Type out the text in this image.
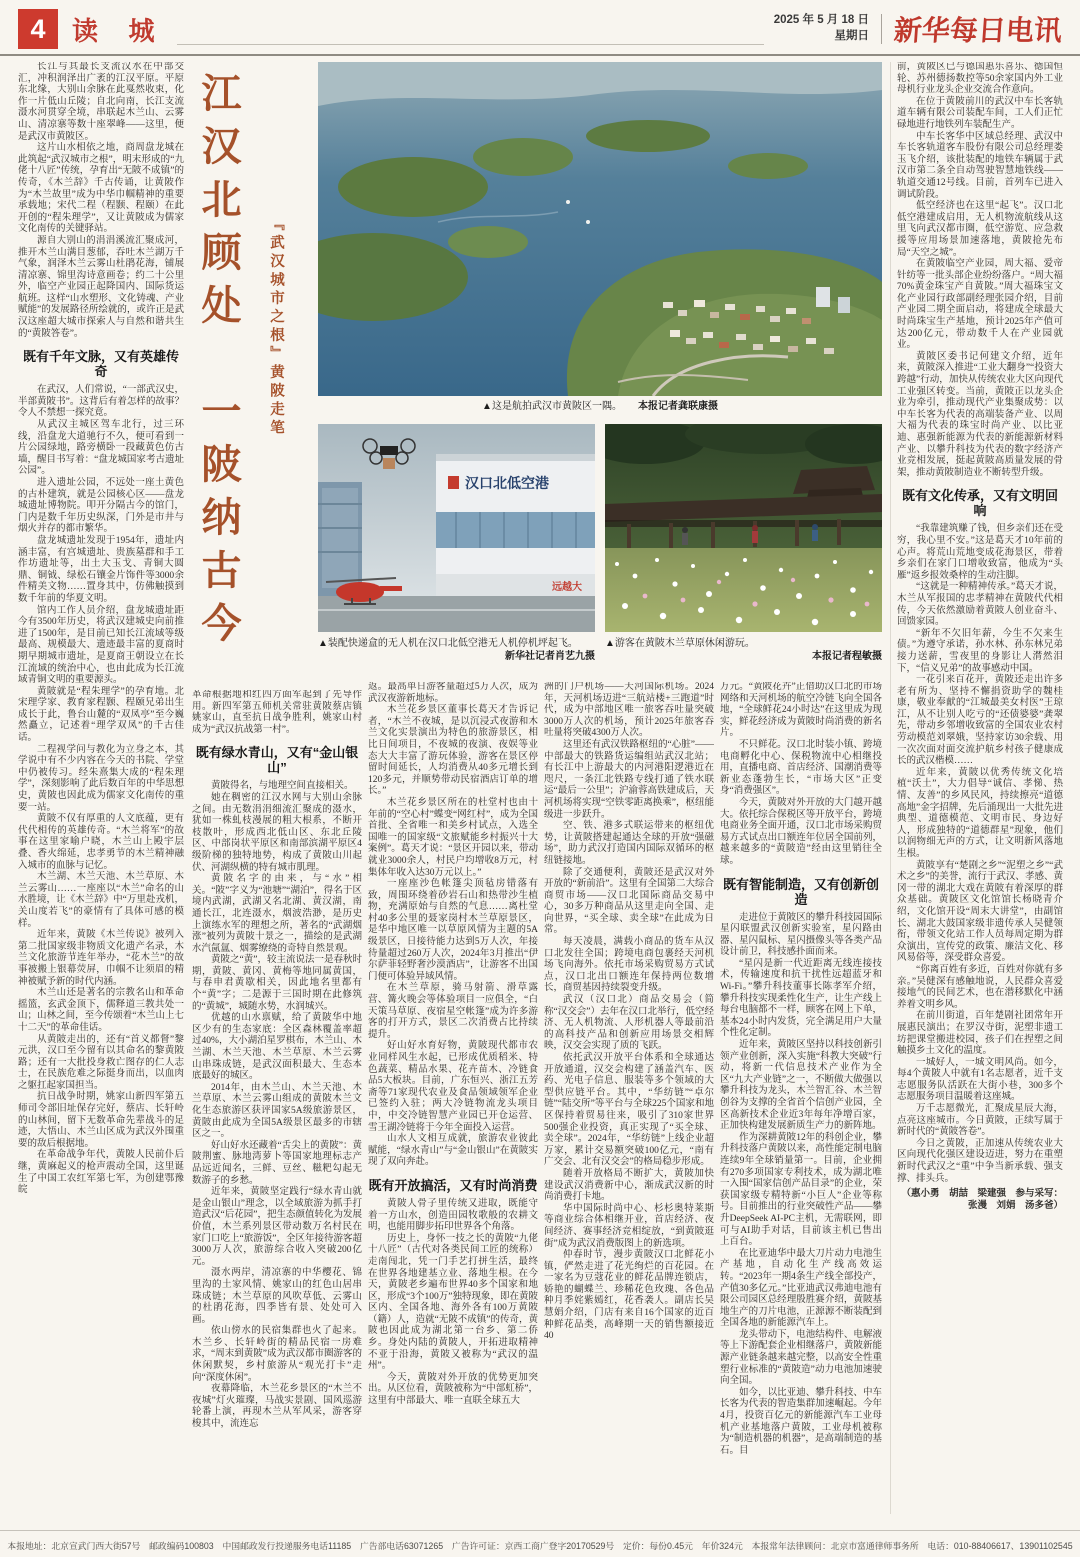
4	读 城	2025 年 5 月 18 日
星期日 新华每日电讯
江汉北顾处　一陂纳古今 『武汉城市之根』黄陂走笔	▲这是航拍武汉市黄陂区一隅。 本报记者龚联康摄
汉口北低空港
远越大
▲装配快递盒的无人机在汉口北低空港无人机停机坪起飞。
新华社记者肖艺九摄
▲游客在黄陂木兰草原休闲游玩。
本报记者程敏摄

长江与其最长支流汉水在中部交汇，冲积润泽出广袤的江汉平原。平原东北缘，大别山余脉在此戛然收束，化作一片低山丘陵；自北向南，长江支流滠水河贯穿全境，串联起木兰山、云雾山、清凉寨等数十座翠峰——这里，便是武汉市黄陂区。

这片山水相依之地，商周盘龙城在此筑起“武汉城市之根”，明末形成的“九佬十八匠”传统，孕育出“无陂不成镇”的传奇，《木兰辞》千古传诵，让黄陂作为“木兰故里”成为中华巾帼精神的重要承载地；宋代二程（程颢、程颐）在此开创的“程朱理学”，又让黄陂成为儒家文化南传的关键驿站。

源自大别山的涓涓溪流汇聚成河，推开木兰山满目葱郁，吞吐木兰湖万千气象，润泽木兰云雾山杜鹃花海，铺展清凉寨、锦里沟诗意画卷；约二十公里外，临空产业园正起降国内、国际货运航班。这样“山水塑形、文化铸魂、产业赋能”的发展路径所绘就的，或许正是武汉这座超大城市探索人与自然和谐共生的“黄陂答卷”。

既有千年文脉，又有英雄传奇

在武汉，人们常说，“一部武汉史，半部黄陂书”。这背后有着怎样的故事？令人不禁想一探究竟。

从武汉主城区驾车北行，过三环线，沿盘龙大道驰行不久，便可看到一片公园绿地，路旁横卧一段藏黄色仿古墙，醒目书写着：“盘龙城国家考古遗址公园”。

进入遗址公园，不远处一座土黄色的古朴建筑，就是公园核心区——盘龙城遗址博物院。叩开分隔古今的馆门，门内是数千年历史纵深，门外是市井与烟火并存的都市繁华。

盘龙城遗址发现于1954年，遗址内涵丰富，有宫城遗址、贵族墓群和手工作坊遗址等，出土大玉戈、青铜大圆鼎、铜钺、绿松石镶金片饰件等3000余件精美文物……置身其中，仿佛触摸到数千年前的华夏文明。

馆内工作人员介绍，盘龙城遗址距今有3500年历史，将武汉建城史向前推进了1500年，是目前已知长江流域等级最高、规模最大、遗迹最丰富的夏商时期早期城市遗址，是夏商王朝设立在长江流域的统治中心，也由此成为长江流域青铜文明的重要源头。

黄陂就是“程朱理学”的孕育地。北宋理学家、教育家程颢、程颐兄弟出生成长于此，鲁台山麓的“双凤亭”至今巍然矗立，记述着“理学双凤”的千古佳话。

二程视学问与教化为立身之本，其学说中有不少内容在今天的书院、学堂中仍被传习。经朱熹集大成的“程朱理学”，深刻影响了此后数百年的中华思想史，黄陂也因此成为儒家文化南传的重要一站。

黄陂不仅有厚重的人文底蕴，更有代代相传的英雄传奇。“木兰将军”的故事在这里家喻户晓，木兰山上殿宇层叠、香火绵延，忠孝勇节的木兰精神融入城市的血脉与记忆。

木兰湖、木兰天池、木兰草原、木兰云雾山……一座座以“木兰”命名的山水胜境，让《木兰辞》中“万里赴戎机，关山度若飞”的豪情有了具体可感的模样。

近年来，黄陂《木兰传说》被列入第二批国家级非物质文化遗产名录，木兰文化旅游节连年举办，“花木兰”的故事被搬上银幕荧屏，巾帼不让须眉的精神被赋予新的时代内涵。

木兰山还是著名的宗教名山和革命摇篮，玄武金顶下，儒释道三教共处一山；山林之间，至今传颂着“木兰山上七十二天”的革命佳话。

从黄陂走出的，还有“首义都督”黎元洪，汉口至今留有以其命名的黎黄陂路；还有一大批投身救亡图存的仁人志士，在民族危难之际挺身而出，以血肉之躯扛起家国担当。

抗日战争时期，姚家山新四军第五师司令部旧址保存完好，蔡店、长轩岭的山林间，留下无数革命先辈战斗的足迹，大悟山、木兰山区成为武汉外围重要的敌后根据地。

在革命战争年代，黄陂人民前仆后继，黄麻起义的枪声震动全国，这里诞生了中国工农红军第七军，为创建鄂豫皖

革命根据地和红四方面军起到了先导作用。新四军第五师机关常驻黄陂蔡店镇姚家山，直至抗日战争胜利，姚家山村成为“武汉抗战第一村”。

既有绿水青山，又有“金山银山”

黄陂得名，与地理空间直接相关。

她在稠密的江汉水网与大别山余脉之间。由无数涓涓细流汇聚成的滠水，犹如一株虬枝漫展的粗大根系，不断开枝散叶，形成西北低山区、东北丘陵区、中部岗状平原区和南部滨湖平原区4级阶梯的独特地势，构成了黄陂山川起伏、河湖纵横的特有城市肌理。

黄陂名字的由来，与“水”相关。“陂”字义为“池塘”“湖泊”，得名于区境内武湖，武湖又名北湖、黄汉湖，南通长江，北连滠水，烟波浩渺，是历史上演练水军的理想之所，著名的“武湖烟涨”被列为黄陂十景之一，描绘的是武湖水汽氤氲、烟雾缭绕的奇特自然景观。

黄陂之“黄”，较主流说法一是春秋时期，黄陂、黄冈、黄梅等地同属黄国，与春申君黄歇相关，因此地名里都有个“黄”字；二是源于三国时期在此修筑的“黄城”，城随水势，水润城兴。

优越的山水禀赋，给了黄陂华中地区少有的生态家底：全区森林覆盖率超过40%，大小湖泊星罗棋布，木兰山、木兰湖、木兰天池、木兰草原、木兰云雾山串珠成链，是武汉面积最大、生态本底最好的城区。

2014年，由木兰山、木兰天池、木兰草原、木兰云雾山组成的黄陂木兰文化生态旅游区获评国家5A级旅游景区，黄陂由此成为全国5A级景区最多的市辖区之一。

好山好水还藏着“舌尖上的黄陂”：黄陂荆蜜、脉地湾萝卜等国家地理标志产品远近闻名，三鲜、豆丝、糍粑勾起无数游子的乡愁。

近年来，黄陂坚定践行“绿水青山就是金山银山”理念，以全域旅游为抓手打造武汉“后花园”，把生态颜值转化为发展价值，木兰系列景区带动数万名村民在家门口吃上“旅游饭”，全区年接待游客超3000万人次，旅游综合收入突破200亿元。

滠水两岸，清凉寨的中华樱花、锦里沟的土家风情、姚家山的红色山居串珠成链；木兰草原的风吹草低、云雾山的杜鹃花海，四季皆有景、处处可入画。

依山傍水的民宿集群也火了起来。木兰乡、长轩岭街的精品民宿一房难求，“周末到黄陂”成为武汉都市圈游客的休闲默契，乡村旅游从“观光打卡”走向“深度休闲”。

夜幕降临，木兰花乡景区的“木兰不夜城”灯火璀璨，马战实景剧、国风巡游轮番上演，再现木兰从军风采，游客穿梭其中，流连忘

返。最高单日游客量超过5万人次，成为武汉夜游新地标。

木兰花乡景区董事长葛天才告诉记者，“木兰不夜城，是以沉浸式夜游和木兰文化实景演出为特色的旅游景区，相比日间项目，不夜城的夜演、夜娱等业态大大丰富了游玩体验，游客在景区停留时间延长，人均消费从40多元增长到120多元，并顺势带动民宿酒店订单的增长。”

木兰花乡景区所在的杜堂村也由十年前的“空心村”蝶变“网红村”，成为全国首批、全省唯一和美乡村试点，入选全国唯一的国家级“文旅赋能乡村振兴十大案例”。葛天才说：“景区开园以来，带动就业3000余人，村民户均增收8万元，村集体年收入达30万元以上。”

一座座沙色帐篷尖顶毡房错落有致，周围环绕着砂岩石山和热带沙生植物，充满原始与自然的气息……离杜堂村40多公里的聂家岗村木兰草原景区，是华中地区唯一以草原风情为主题的5A级景区，日接待能力达到5万人次，年接待量超过260万人次，2024年3月推出“伊尔萨菲轻野奢沙漠酒店”，让游客不出国门便可体验异域风情。

在木兰草原，骑马射箭、滑草露营、篝火晚会等体验项目一应俱全，“白天策马草原、夜宿星空帐篷”成为许多游客的打开方式，景区二次消费占比持续提升。

好山好水育好物，黄陂现代都市农业同样风生水起，已形成优质稻米、特色蔬菜、精品水果、花卉苗木、冷链食品5大板块。目前，广东恒兴、浙江五芳斋等71家现代农业及食品领域领军企业已签约入驻；两大冷链物流龙头项目中，中交冷链智慧产业园已开仓运营、雪王湖冷链将于今年全面投入运营。

山水人文相互成就，旅游农业彼此赋能，“绿水青山”与“金山银山”在黄陂实现了双向奔赴。

既有开放搞活，又有时尚消费

黄陂人骨子里传统又进取，既能守着一方山水，创造田园牧歌般的农耕文明，也能用脚步拓印世界各个角落。

历史上，身怀一技之长的黄陂“九佬十八匠”（古代对各类民间工匠的统称）走南闯北，凭一门手艺打拼生活，最终在世界各地建基立业、落地生根。在今天，黄陂老乡遍布世界40多个国家和地区，形成“3个100万”独特现象，即在黄陂区内、全国各地、海外各有100万黄陂（籍）人，造就“无陂不成镇”的传奇，黄陂也因此成为湖北第一台乡、第二侨乡。身处内陆的黄陂人，开拓进取精神不亚于沿海，黄陂又被称为“武汉的温州”。

今天，黄陂对外开放的优势更加突出。从区位看，黄陂被称为“中部虹桥”，这里有中部最大、唯一直联全球五大

洲的门户机场——天河国际机场。2024年，天河机场迈进“三航站楼+三跑道”时代，成为中部地区唯一旅客吞吐量突破3000万人次的机场，预计2025年旅客吞吐量将突破4300万人次。

这里还有武汉铁路枢纽的“心脏”——中部最大的铁路货运编组站武汉北站；有长江中上游最大的内河港阳逻港近在咫尺，一条江北铁路专线打通了铁水联运“最后一公里”；沪渝蓉高铁建成后，天河机场将实现“空铁零距离换乘”，枢纽能级进一步跃升。

空、铁、港多式联运带来的枢纽优势，让黄陂搭建起通达全球的开放“强磁场”，助力武汉打造国内国际双循环的枢纽链接地。

除了交通便利，黄陂还是武汉对外开放的“新前沿”。这里有全国第二大综合商贸市场——汉口北国际商品交易中心，30多万种商品从这里走向全国、走向世界，“买全球、卖全球”在此成为日常。

每天凌晨，满载小商品的货车从汉口北发往全国；跨境电商包裹经天河机场飞向海外。依托市场采购贸易方式试点，汉口北出口额连年保持两位数增长，商贸基因持续裂变升级。

武汉（汉口北）商品交易会（简称“汉交会”）去年在汉口北举行，低空经济、无人机物流、人形机器人等最前沿的高科技产品和创新应用场景交相辉映，汉交会实现了质的飞跃。

依托武汉开放平台体系和全球通达开放通道，汉交会构建了涵盖汽车、医药、光电子信息、服装等多个领域的大型供应链平台。其中，“华纺链”“卓尔链”“陆交所”等平台与全球225个国家和地区保持着贸易往来，吸引了310家世界500强企业投资，真正实现了“买全球、卖全球”。2024年，“华纺链”上线企业超万家，累计交易额突破100亿元，“南有广交会、北有汉交会”的格局稳步形成。

随着开放格局不断扩大，黄陂加快建设武汉消费新中心，渐成武汉新的时尚消费打卡地。

华中国际时尚中心、杉杉奥特莱斯等商业综合体相继开业，首店经济、夜间经济、赛事经济竞相绽放，“到黄陂逛街”成为武汉消费版图上的新选项。

仲春时节，漫步黄陂汉口北鲜花小镇，俨然走进了花光绚烂的百花园。在一家名为豆蔻花业的鲜花品牌连锁店，娇艳的蝴蝶兰、珍稀花色玫瑰、各色品种月季姹紫嫣红，花香袭人。副店长吴慧娟介绍，门店有来自16个国家的近百种鲜花品类，高峰期一天的销售额接近40

万元。“黄陂花卉”正借助汉口北的市场网络和天河机场的航空冷链飞向全国各地，“全球鲜花24小时达”在这里成为现实，鲜花经济成为黄陂时尚消费的新名片。

不只鲜花。汉口北时装小镇、跨境电商孵化中心、保税物流中心相继投用，直播电商、首店经济、国潮消费等新业态蓬勃生长，“市场大区”正变身“消费强区”。

今天，黄陂对外开放的大门越开越大。依托综合保税区等开放平台，跨境电商业务全面开通，汉口北市场采购贸易方式试点出口额连年位居全国前列，越来越多的“黄陂造”经由这里销往全球。

既有智能制造，又有创新创造

走进位于黄陂区的攀升科技园国际星闪联盟武汉创新实验室，星闪路由器、星闪鼠标、星闪摄像头等各类产品设计前卫，科技感扑面而来。

“星闪是新一代近距离无线连接技术，传输速度和抗干扰性远超蓝牙和Wi-Fi。”攀升科技董事长陈孝军介绍，攀升科技实现柔性化生产，让生产线上每台电脑都不一样，顾客在网上下单，基本24小时内发货，完全满足用户大量个性化定制。

近年来，黄陂区坚持以科技创新引领产业创新，深入实施“科教大突破”行动，将新一代信息技术产业作为全区“九大产业链”之一，不断做大做强以攀升科技为龙头，木兰智汇谷、木兰智创谷为支撑的全省首个信创产业园，全区高新技术企业近3年每年净增百家，正加快构建发展新质生产力的新阵地。

作为深耕黄陂12年的科创企业，攀升科技落户黄陂以来，高性能定制电脑连续9年全球销量第一。目前，企业拥有270多项国家专利技术，成为湖北唯一入围“国家信创产品目录”的企业，荣获国家级专精特新“小巨人”企业等称号。目前推出的行业突破性产品——攀升DeepSeek AI-PC主机，无需联网，即可与AI助手对话，目前该主机已售出上百台。

在比亚迪华中最大刀片动力电池生产基地，自动化生产线高效运转。“2023年一期4条生产线全部投产，产值30多亿元。”比亚迪武汉弗迪电池有限公司园区总经理殷胜赛介绍，黄陂基地生产的刀片电池，正源源不断装配到全国各地的新能源汽车上。

龙头带动下，电池结构件、电解液等上下游配套企业相继落户，黄陂新能源产业链条越来越完整，以高安全性重塑行业标准的“黄陂造”动力电池加速驶向全国。

如今，以比亚迪、攀升科技、中车长客为代表的智造集群加速崛起。今年4月，投资百亿元的新能源汽车工业母机产业基地落户黄陂，工业母机被称为“制造机器的机器”，是高端制造的基石。目

前，黄陂区已与德国惠乐喜乐、德国恒轮、苏州德扬数控等50余家国内外工业母机行业龙头企业交流合作意向。

在位于黄陂前川的武汉中车长客轨道车辆有限公司装配车间，工人们正忙碌地进行地铁列车装配生产。

中车长客华中区域总经理、武汉中车长客轨道客车股份有限公司总经理娄玉飞介绍，该批装配的地铁车辆属于武汉市第二条全自动驾驶智慧地铁线——轨道交通12号线。目前，首列车已进入调试阶段。

低空经济也在这里“起飞”。汉口北低空港建成启用，无人机物流航线从这里飞向武汉都市圈，低空游览、应急救援等应用场景加速落地，黄陂抢先布局“天空之城”。

在黄陂临空产业园，周大福、爱帝针纺等一批头部企业纷纷落户。“周大福70%黄金珠宝产自黄陂。”周大福珠宝文化产业园行政部副经理张园介绍，目前产业园二期全面启动，将建成全球最大时尚珠宝生产基地，预计2025年产值可达200亿元，带动数千人在产业园就业。

黄陂区委书记何建文介绍，近年来，黄陂深入推进“工业大翻身”“投资大跨越”行动，加快从传统农业大区向现代工业强区转变。当前，黄陂正以龙头企业为牵引，推动现代产业集聚成势：以中车长客为代表的高端装备产业、以周大福为代表的珠宝时尚产业、以比亚迪、惠强新能源为代表的新能源新材料产业、以攀升科技为代表的数字经济产业竞相发展，挺起黄陂高质量发展的骨架，推动黄陂制造业不断转型升级。

既有文化传承，又有文明回响

“我靠建筑赚了钱，但乡亲们还在受穷，我心里不安。”这是葛天才10年前的心声。将荒山荒地变成花海景区，带着乡亲们在家门口增收致富，他成为“头雁”返乡报效桑梓的生动注脚。

“这就是一种精神传承。”葛天才说，木兰从军报国的忠孝精神在黄陂代代相传，今天依然激励着黄陂人创业奋斗、回馈家园。

“新年不欠旧年薪，今生不欠来生债。”为遵守承诺，孙水林、孙东林兄弟接力送薪，雪夜里的身影让人潸然泪下，“信义兄弟”的故事感动中国。

一花引来百花开，黄陂还走出许多老有所为、坚持不懈捐资助学的魏桂康，敬业奉献的“江城最美女村医”王琼江，从不让别人吃亏的“还债婆婆”龚翠先，带动乡邻增收致富的全国农业农村劳动模范刘翠娥，坚持家访30余载、用一次次面对面交流护航乡村孩子健康成长的武汉楷模……

近年来，黄陂以优秀传统文化培植“沃土”，大力倡导“诚信、孝悌、热情、友善”的乡风民风，持续擦亮“道德高地”金字招牌，先后涌现出一大批先进典型、道德模范、文明市民、身边好人，形成独特的“道德群星”现象，他们以润物细无声的方式，让文明新风落地生根。

黄陂享有“楚剧之乡”“泥塑之乡”“武术之乡”的美誉，流行于武汉、孝感、黄冈一带的湖北大戏在黄陂有着深厚的群众基础。黄陂区文化馆馆长杨晓青介绍，文化馆开设“周末大讲堂”，由副馆长、湖北大鼓国家级非遗传承人吴健领衔，带领文化站工作人员每周定期为群众演出，宣传党的政策、廉洁文化、移风易俗等，深受群众喜爱。

“你离百姓有多近，百姓对你就有多亲。”吴健深有感触地说，人民群众喜爱接地气的民间艺术，也在潜移默化中涵养着文明乡风。

在前川街道，百年楚剧社团常年开展惠民演出；在罗汉寺街，泥塑非遗工坊把课堂搬进校园，孩子们在捏塑之间触摸乡土文化的温度。

一城好人，一城文明风尚。如今，每4个黄陂人中就有1名志愿者，近千支志愿服务队活跃在大街小巷，300多个志愿服务项目温暖着这座城。

万千志愿微光，汇聚成星辰大海，点亮这座城市。今日黄陂，正续写属于新时代的“黄陂答卷”。

今日之黄陂，正加速从传统农业大区向现代化强区建设迈进，努力在重塑新时代武汉之“重”中争当新承载、强支撑、排头兵。

（惠小勇　胡喆　梁建强　参与采写：张漫　刘娟　汤多爸）

本报地址：北京宣武门西大街57号　邮政编码100803　中国邮政发行投递服务电话11185　广告部电话63071265　广告许可证：京西工商广登字20170529号　定价：每份0.45元　年价324元　本报常年法律顾问：北京市富通律师事务所　电话：010-88406617、13901102545
